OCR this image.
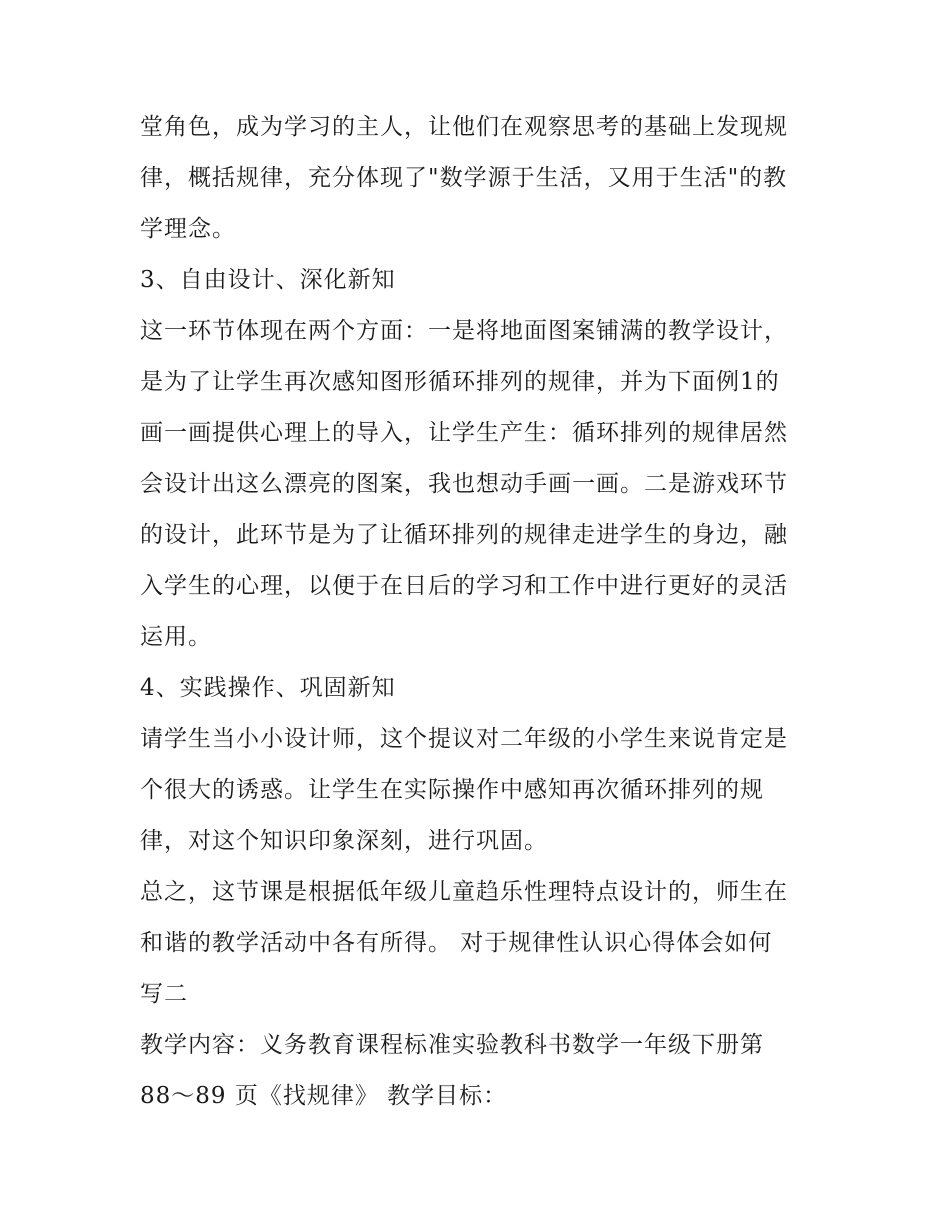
堂角色，成为学习的主人，让他们在观察思考的基础上发现规
律，概括规律，充分体现了"数学源于生活，又用于生活"的教
学理念。
3、自由设计、深化新知
这一环节体现在两个方面：一是将地面图案铺满的教学设计，
是为了让学生再次感知图形循环排列的规律，并为下面例1的
画一画提供心理上的导入，让学生产生：循环排列的规律居然
会设计出这么漂亮的图案，我也想动手画一画。二是游戏环节
的设计，此环节是为了让循环排列的规律走进学生的身边，融
入学生的心理，以便于在日后的学习和工作中进行更好的灵活
运用。
4、实践操作、巩固新知
请学生当小小设计师，这个提议对二年级的小学生来说肯定是
个很大的诱惑。让学生在实际操作中感知再次循环排列的规
律，对这个知识印象深刻，进行巩固。
总之，这节课是根据低年级儿童趋乐性理特点设计的，师生在
和谐的教学活动中各有所得。 对于规律性认识心得体会如何
写二
教学内容：义务教育课程标准实验教科书数学一年级下册第
88～89 页《找规律》 教学目标：
